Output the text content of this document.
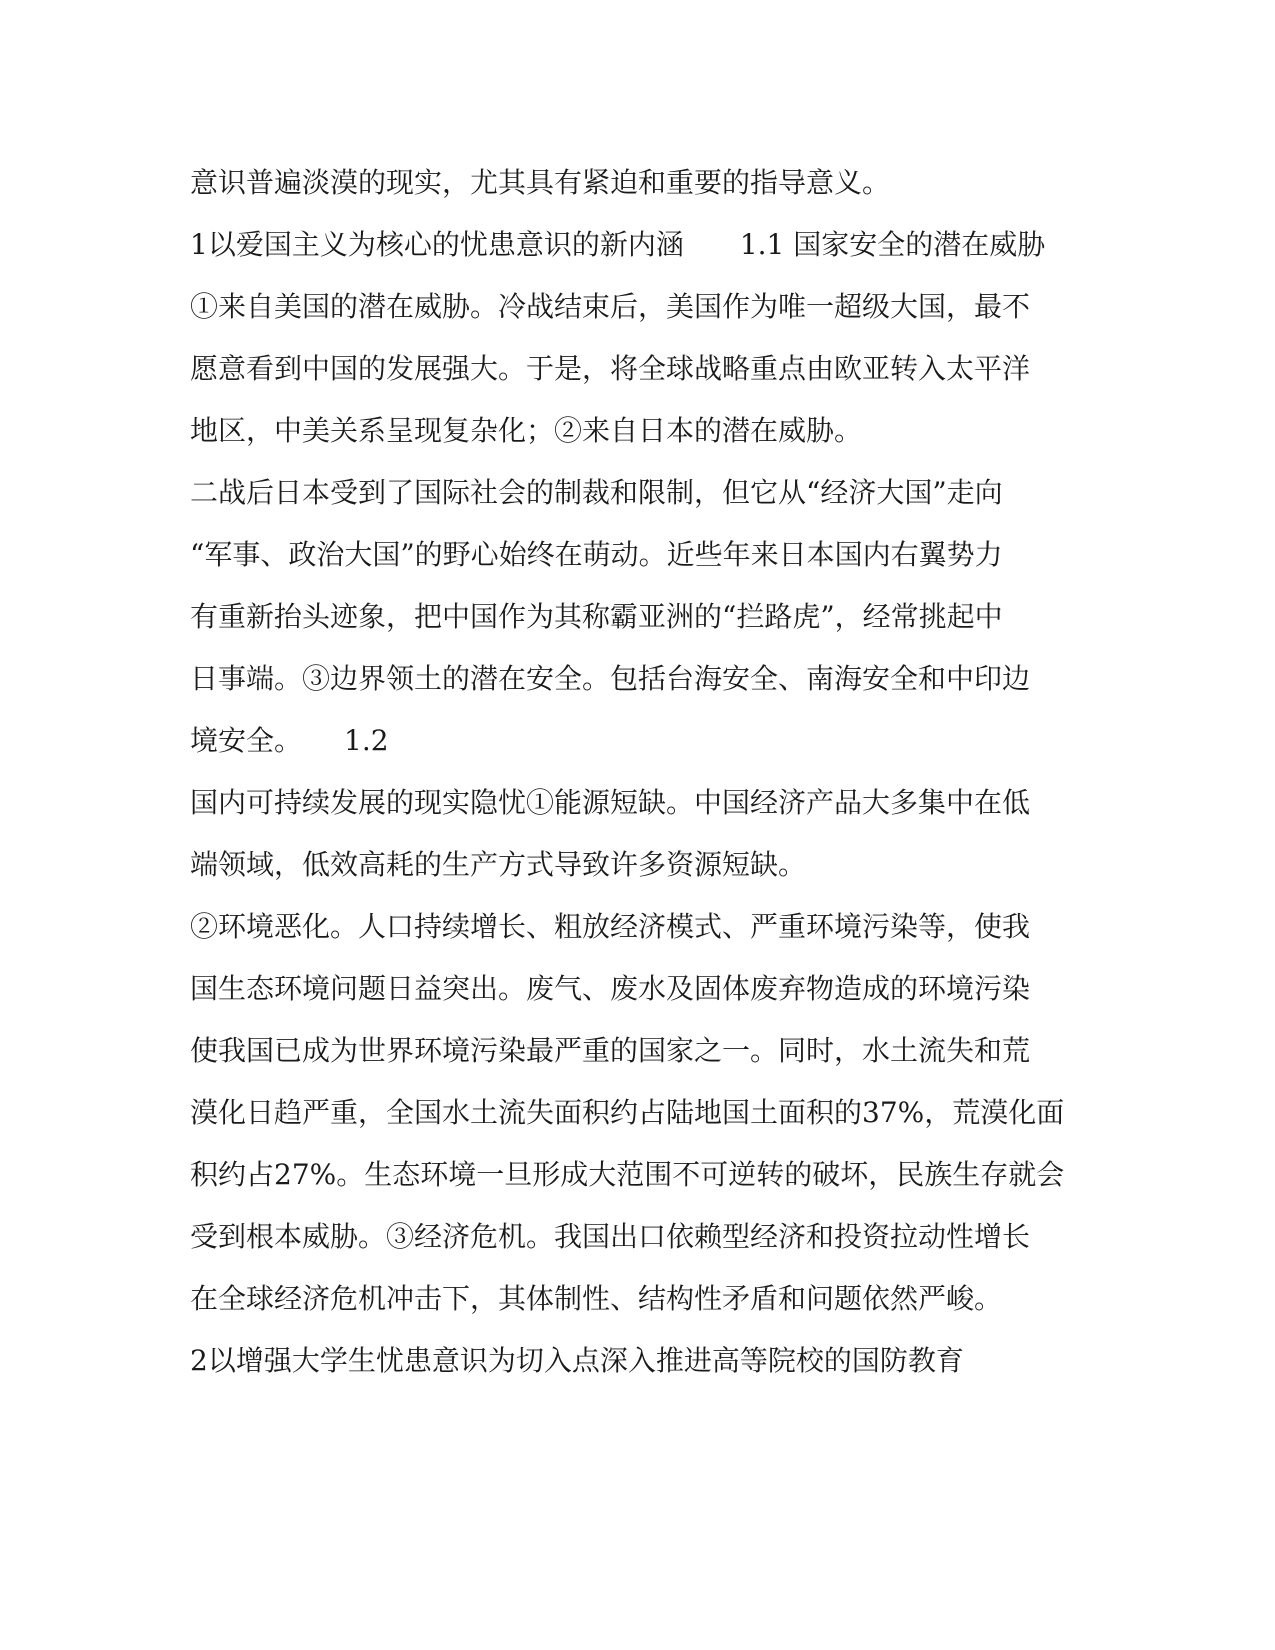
意识普遍淡漠的现实，尤其具有紧迫和重要的指导意义。

1以爱国主义为核心的忧患意识的新内涵　　1.1 国家安全的潜在威胁

①来自美国的潜在威胁。冷战结束后，美国作为唯一超级大国，最不

愿意看到中国的发展强大。于是，将全球战略重点由欧亚转入太平洋

地区，中美关系呈现复杂化；②来自日本的潜在威胁。

二战后日本受到了国际社会的制裁和限制，但它从“经济大国”走向

“军事、政治大国”的野心始终在萌动。近些年来日本国内右翼势力

有重新抬头迹象，把中国作为其称霸亚洲的“拦路虎”，经常挑起中

日事端。③边界领土的潜在安全。包括台海安全、南海安全和中印边

境安全。　　1.2

国内可持续发展的现实隐忧①能源短缺。中国经济产品大多集中在低

端领域，低效高耗的生产方式导致许多资源短缺。

②环境恶化。人口持续增长、粗放经济模式、严重环境污染等，使我

国生态环境问题日益突出。废气、废水及固体废弃物造成的环境污染

使我国已成为世界环境污染最严重的国家之一。同时，水土流失和荒

漠化日趋严重，全国水土流失面积约占陆地国土面积的37%，荒漠化面

积约占27%。生态环境一旦形成大范围不可逆转的破坏，民族生存就会

受到根本威胁。③经济危机。我国出口依赖型经济和投资拉动性增长

在全球经济危机冲击下，其体制性、结构性矛盾和问题依然严峻。

2以增强大学生忧患意识为切入点深入推进高等院校的国防教育
